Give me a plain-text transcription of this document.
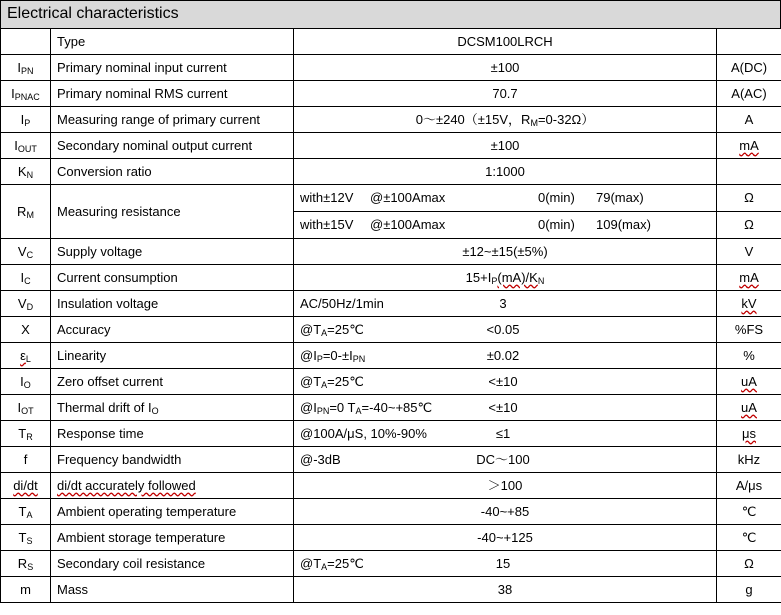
Electrical characteristics
	Type	DCSM100LRCH	
$I_{PN}$	Primary nominal input current	±100	A(DC)
$I_{PNAC}$	Primary nominal RMS current	70.7	A(AC)
$I_P$	Measuring range of primary current	0～±240（±15V，$R_M=0-32\Omega$）	A
$I_{OUT}$	Secondary nominal output current	±100	mA
$K_N$	Conversion ratio	1:1000	
$R_M$	Measuring resistance	with±12V @±100Amax 0(min) 79(max)	Ω
		with±15V @±100Amax 0(min) 109(max)	Ω
$V_C$	Supply voltage	±12~±15(±5%)	V
$I_C$	Current consumption	$15+I_P(mA)/K_N$	mA
$V_D$	Insulation voltage	AC/50Hz/1min 3	kV
X	Accuracy	$@T_A=25℃ <0.05$	%FS
$\varepsilon_L$	Linearity	$@I_P=0-\pm I_{PN} \pm 0.02$	%
$I_O$	Zero offset current	$@T_A=25℃ <\pm 10$	uA
$I_{OT}$	Thermal drift of $I_O$	$@I_{PN}=0$ $T_A=-40\sim+85℃ <\pm 10$	uA
$T_R$	Response time	@100A/μS, 10%-90% ≤1	μs
f	Frequency bandwidth	@-3dB DC～100	kHz
di/dt	di/dt accurately followed	＞100	A/μs
$T_A$	Ambient operating temperature	-40~+85	℃
$T_S$	Ambient storage temperature	-40~+125	℃
$R_S$	Secondary coil resistance	$@T_A=25℃$ 15	Ω
m	Mass	38	g
